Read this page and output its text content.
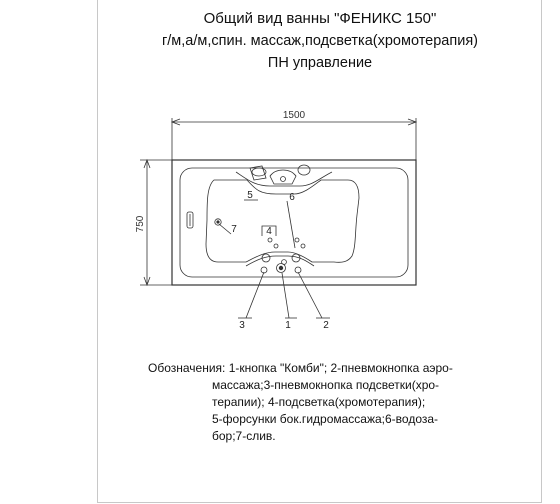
Общий вид ванны "ФЕНИКС 150"
г/м,а/м,спин. массаж,подсветка(хромотерапия)
ПН управление
1500
750
1	2
3
4
5	6
7
Обозначения: 1-кнопка "Комби"; 2-пневмокнопка аэро-
массажа;3-пневмокнопка подсветки(хро-
терапии); 4-подсветка(хромотерапия);
5-форсунки бок.гидромассажа;6-водоза-
бор;7-слив.
